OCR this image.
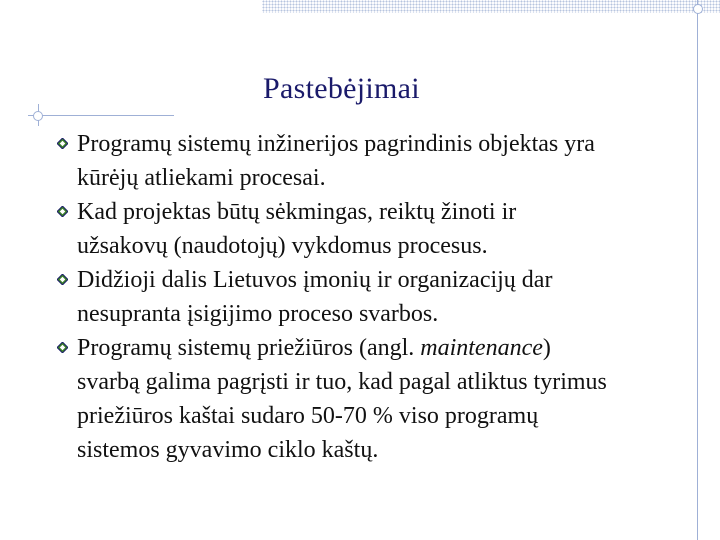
Pastebėjimai
Programų sistemų inžinerijos pagrindinis objektas yra
kūrėjų atliekami procesai.
Kad projektas būtų sėkmingas, reiktų žinoti ir
užsakovų (naudotojų) vykdomus procesus.
Didžioji dalis Lietuvos įmonių ir organizacijų dar
nesupranta įsigijimo proceso svarbos.
Programų sistemų priežiūros (angl. maintenance)
svarbą galima pagrįsti ir tuo, kad pagal atliktus tyrimus
priežiūros kaštai sudaro 50-70 % viso programų
sistemos gyvavimo ciklo kaštų.
